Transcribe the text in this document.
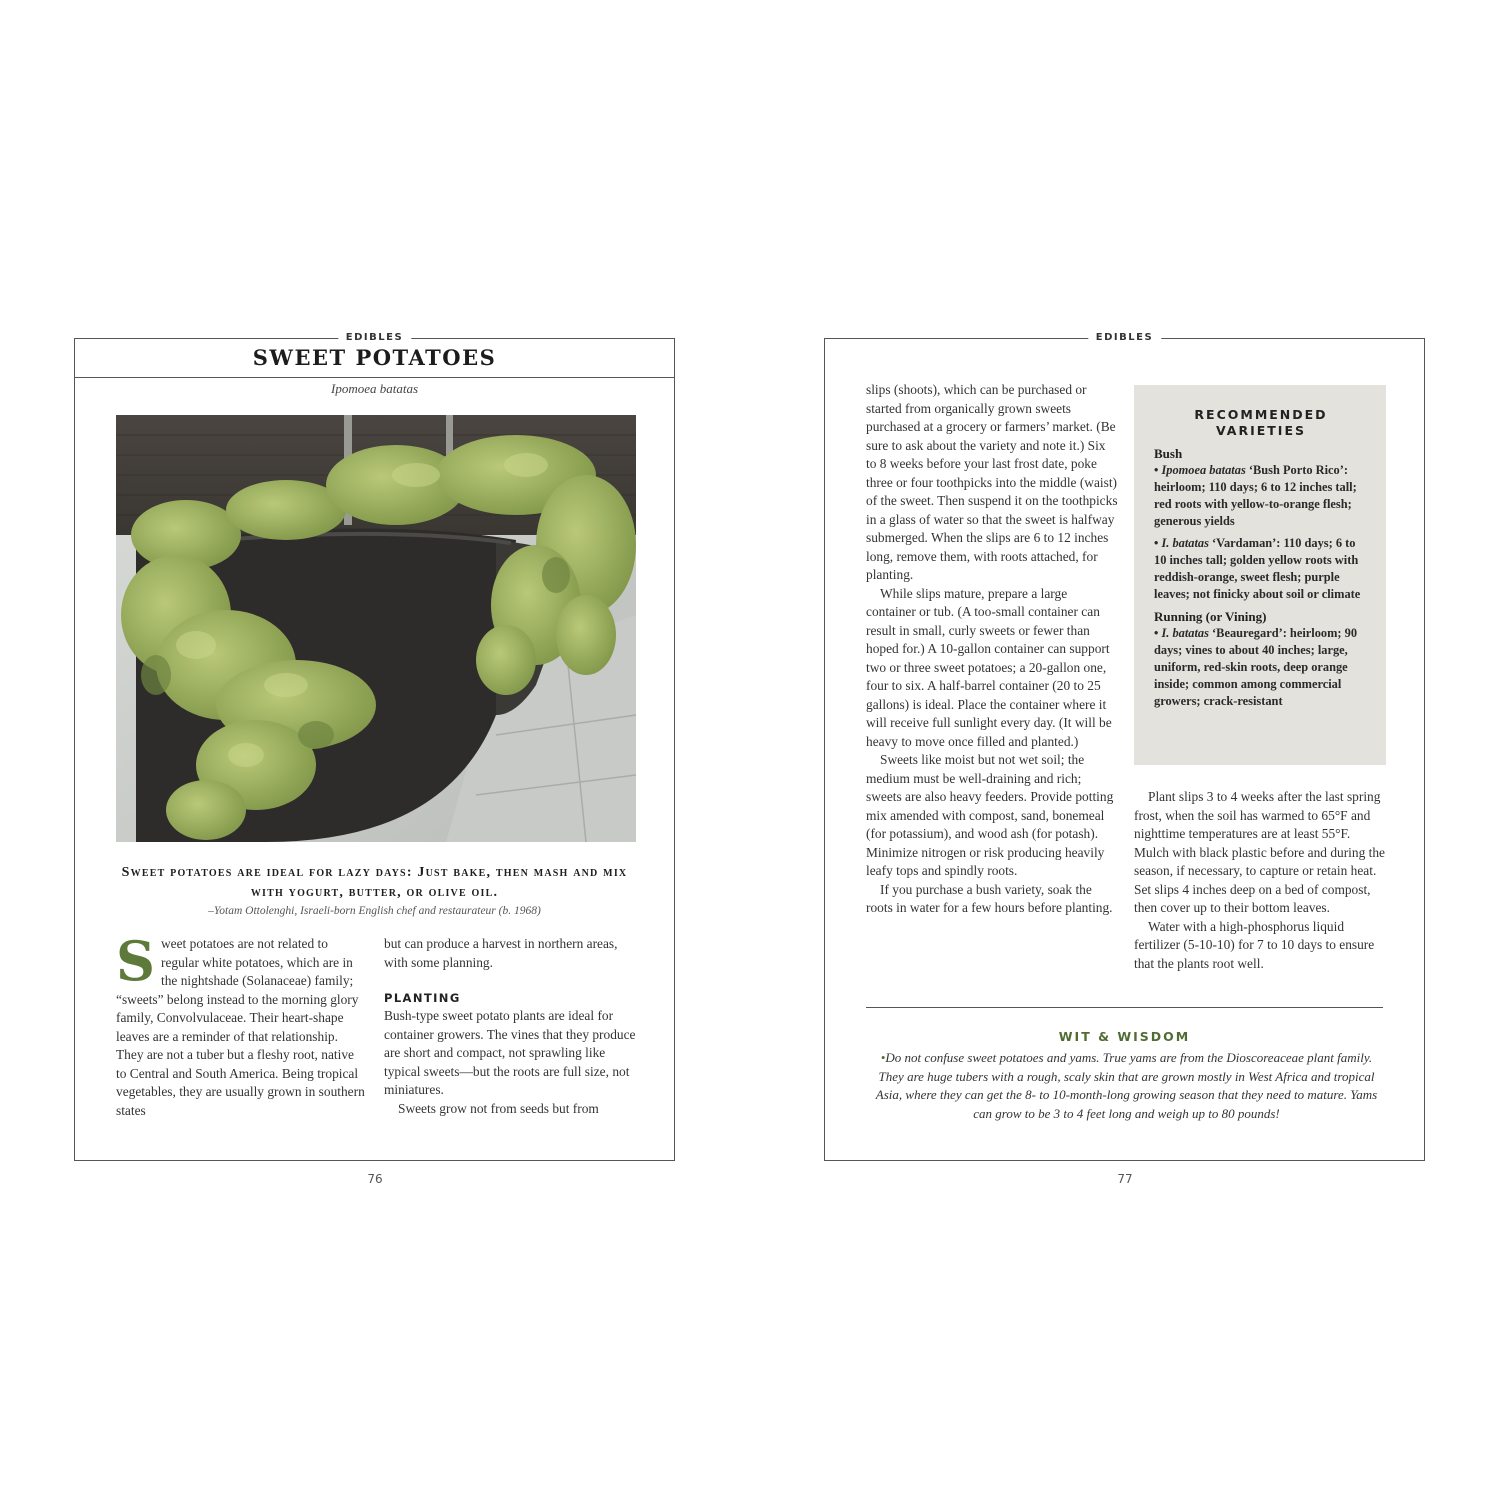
EDIBLES
SWEET POTATOES
Ipomoea batatas
Sweet potatoes are ideal for lazy days: Just bake, then mash and mix with yogurt, butter, or olive oil.
–Yotam Ottolenghi, Israeli-born English chef and restaurateur (b. 1968)

Sweet potatoes are not related to regular white potatoes, which are in the nightshade (Solanaceae) family; “sweets” belong instead to the morning glory family, Convolvulaceae. Their heart-shape leaves are a reminder of that relationship. They are not a tuber but a fleshy root, native to Central and South America. Being tropical vegetables, they are usually grown in southern states

but can produce a harvest in northern areas, with some planning.

PLANTING

Bush-type sweet potato plants are ideal for container growers. The vines that they produce are short and compact, not sprawling like typical sweets—but the roots are full size, not miniatures.

Sweets grow not from seeds but from

76
EDIBLES

slips (shoots), which can be purchased or started from organically grown sweets purchased at a grocery or farmers’ market. (Be sure to ask about the variety and note it.) Six to 8 weeks before your last frost date, poke three or four toothpicks into the middle (waist) of the sweet. Then suspend it on the toothpicks in a glass of water so that the sweet is halfway submerged. When the slips are 6 to 12 inches long, remove them, with roots attached, for planting.

While slips mature, prepare a large container or tub. (A too-small container can result in small, curly sweets or fewer than hoped for.) A 10-gallon container can support two or three sweet potatoes; a 20-gallon one, four to six. A half-barrel container (20 to 25 gallons) is ideal. Place the container where it will receive full sunlight every day. (It will be heavy to move once filled and planted.)

Sweets like moist but not wet soil; the medium must be well-draining and rich; sweets are also heavy feeders. Provide potting mix amended with compost, sand, bonemeal (for potassium), and wood ash (for potash). Minimize nitrogen or risk producing heavily leafy tops and spindly roots.

If you purchase a bush variety, soak the roots in water for a few hours before planting.

RECOMMENDED VARIETIES
Bush
• Ipomoea batatas ‘Bush Porto Rico’: heirloom; 110 days; 6 to 12 inches tall; red roots with yellow-to-orange flesh; generous yields
• I. batatas ‘Vardaman’: 110 days; 6 to 10 inches tall; golden yellow roots with reddish-orange, sweet flesh; purple leaves; not finicky about soil or climate
Running (or Vining)
• I. batatas ‘Beauregard’: heirloom; 90 days; vines to about 40 inches; large, uniform, red-skin roots, deep orange inside; common among commercial growers; crack-resistant

Plant slips 3 to 4 weeks after the last spring frost, when the soil has warmed to 65°F and nighttime temperatures are at least 55°F. Mulch with black plastic before and during the season, if necessary, to capture or retain heat. Set slips 4 inches deep on a bed of compost, then cover up to their bottom leaves.

Water with a high-phosphorus liquid fertilizer (5-10-10) for 7 to 10 days to ensure that the plants root well.

WIT & WISDOM
•Do not confuse sweet potatoes and yams. True yams are from the Dioscoreaceae plant family. They are huge tubers with a rough, scaly skin that are grown mostly in West Africa and tropical Asia, where they can get the 8- to 10-month-long growing season that they need to mature. Yams can grow to be 3 to 4 feet long and weigh up to 80 pounds!
77
